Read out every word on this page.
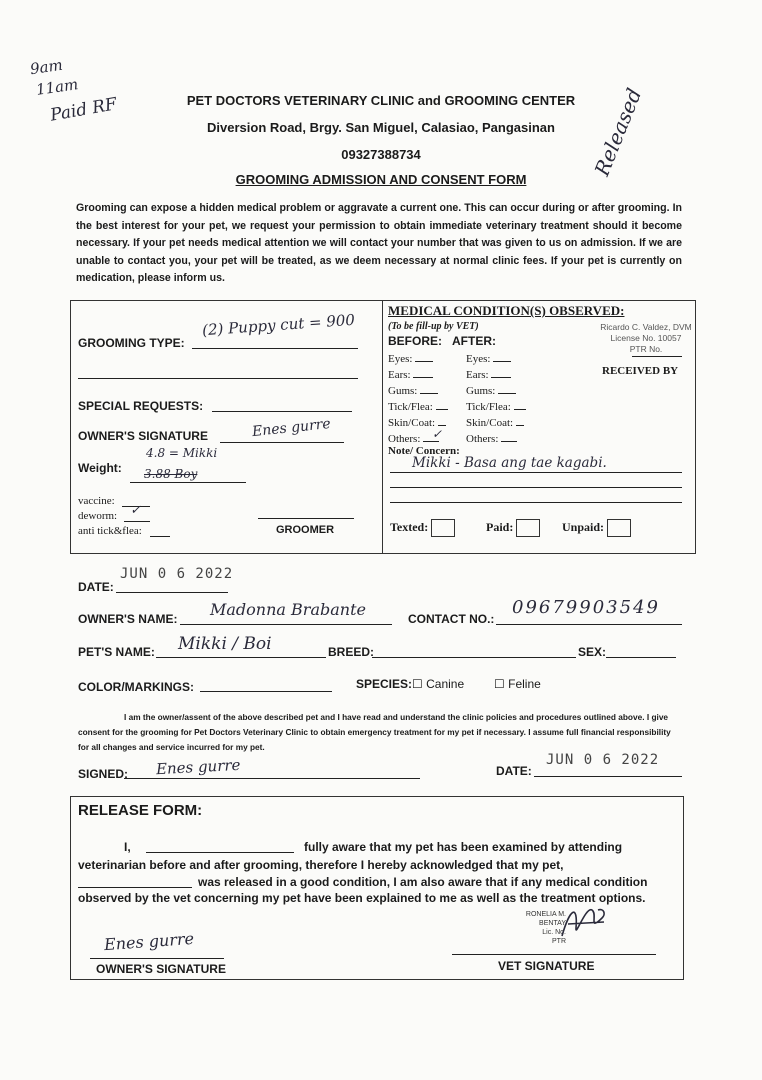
9am
11am
Paid RF	Released
PET DOCTORS VETERINARY CLINIC and GROOMING CENTER
Diversion Road, Brgy. San Miguel, Calasiao, Pangasinan
09327388734
GROOMING ADMISSION AND CONSENT FORM
Grooming can expose a hidden medical problem or aggravate a current one. This can occur during or after grooming. In the best interest for your pet, we request your permission to obtain immediate veterinary treatment should it become necessary. If your pet needs medical attention we will contact your number that was given to us on admission. If we are unable to contact you, your pet will be treated, as we deem necessary at normal clinic fees. If your pet is currently on medication, please inform us.
GROOMING TYPE:
(2) Puppy cut = 900
SPECIAL REQUESTS:
OWNER'S SIGNATURE	Enes gurre
Weight:
4.8 = Mikki
3.88 Boy
vaccine:
deworm: ✓
anti tick&flea:	GROOMER
MEDICAL CONDITION(S) OBSERVED:
(To be fill-up by VET)
BEFORE: AFTER:
Ricardo C. Valdez, DVM
License No. 10057
PTR No.
RECEIVED BY
Eyes:
Ears:
Gums:
Tick/Flea:
Skin/Coat:
Others: ✓
Eyes:
Ears:
Gums:
Tick/Flea:
Skin/Coat:
Others:
Note/ Concern:
Mikki - Basa ang tae kagabi.
Texted:	Paid:	Unpaid:
DATE:
JUN 0 6 2022
OWNER'S NAME: Madonna Brabante	CONTACT NO.:
09679903549
PET'S NAME: Mikki / Boi	BREED:	SEX:
COLOR/MARKINGS:	SPECIES: ☐ Canine ☐ Feline
I am the owner/assent of the above described pet and I have read and understand the clinic policies and procedures outlined above. I give consent for the grooming for Pet Doctors Veterinary Clinic to obtain emergency treatment for my pet if necessary. I assume full financial responsibility for all changes and service incurred for my pet.
SIGNED: Enes gurre	DATE:
JUN 0 6 2022
RELEASE FORM:
I,	fully aware that my pet has been examined by attending
veterinarian before and after grooming, therefore I hereby acknowledged that my pet,
was released in a good condition, I am also aware that if any medical condition
observed by the vet concerning my pet have been explained to me as well as the treatment options.
Enes gurre
OWNER'S SIGNATURE
RONELIA M. BENTAY
Lic. No.
PTR
VET SIGNATURE
